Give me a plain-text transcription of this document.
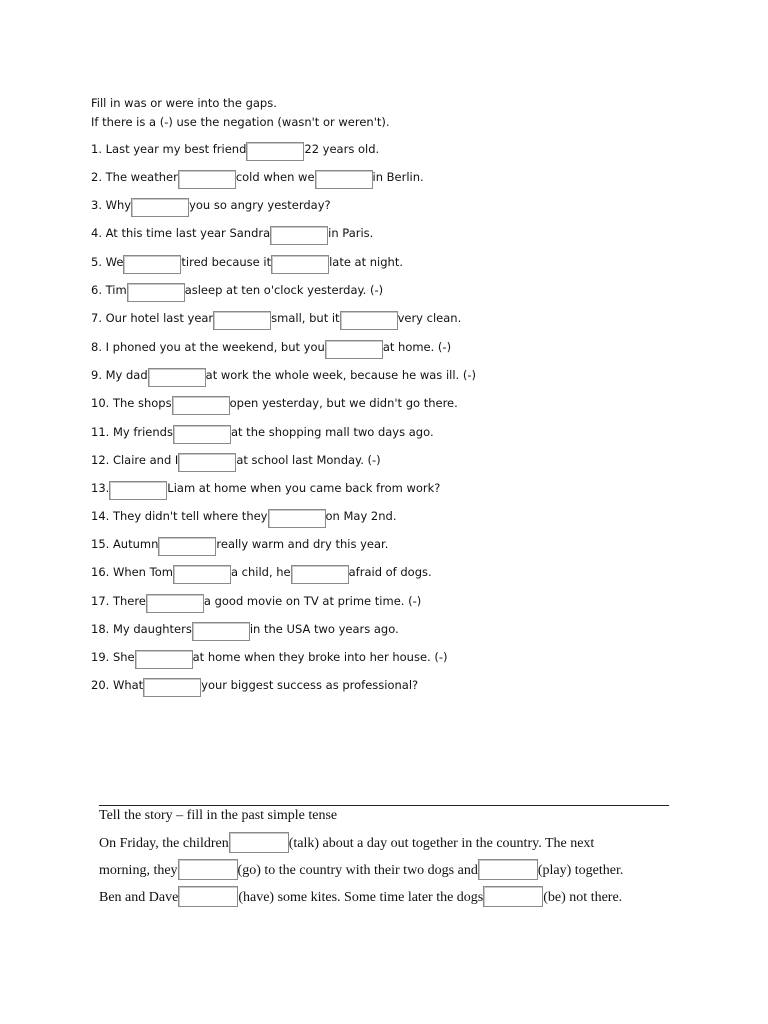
Fill in was or were into the gaps.
If there is a (-) use the negation (wasn't or weren't).
1. Last year my best friend	22 years old.
2. The weather	cold when we	in Berlin.
3. Why	you so angry yesterday?
4. At this time last year Sandra	in Paris.
5. We	tired because it	late at night.
6. Tim	asleep at ten o'clock yesterday. (-)
7. Our hotel last year	small, but it	very clean.
8. I phoned you at the weekend, but you	at home. (-)
9. My dad	at work the whole week, because he was ill. (-)
10. The shops	open yesterday, but we didn't go there.
11. My friends	at the shopping mall two days ago.
12. Claire and I	at school last Monday. (-)
13.	Liam at home when you came back from work?
14. They didn't tell where they	on May 2nd.
15. Autumn	really warm and dry this year.
16. When Tom	a child, he	afraid of dogs.
17. There	a good movie on TV at prime time. (-)
18. My daughters	in the USA two years ago.
19. She	at home when they broke into her house. (-)
20. What	your biggest success as professional?
Tell the story – fill in the past simple tense
On Friday, the children	(talk) about a day out together in the country. The next
morning, they	(go) to the country with their two dogs and	(play) together.
Ben and Dave	(have) some kites. Some time later the dogs	(be) not there.
